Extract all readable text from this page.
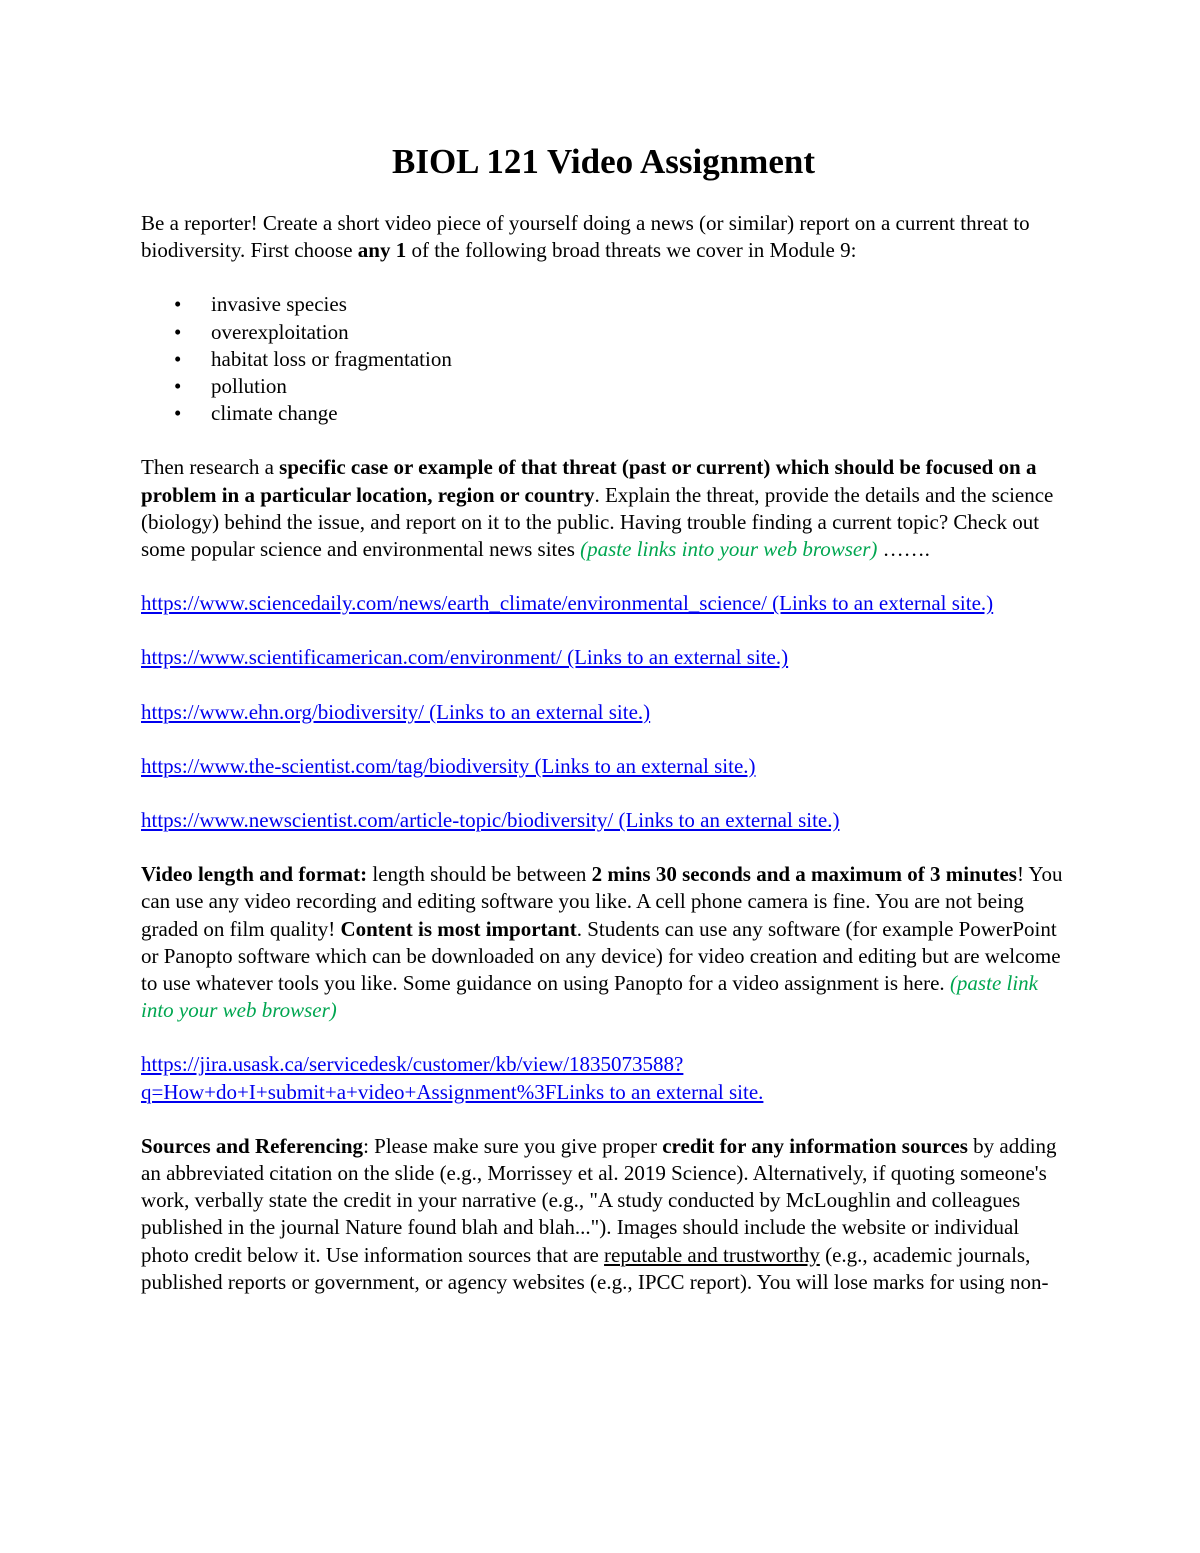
BIOL 121 Video Assignment

Be a reporter! Create a short video piece of yourself doing a news (or similar) report on a current threat to biodiversity. First choose any 1 of the following broad threats we cover in Module 9:

• invasive species
• overexploitation
• habitat loss or fragmentation
• pollution
• climate change

Then research a specific case or example of that threat (past or current) which should be focused on a problem in a particular location, region or country. Explain the threat, provide the details and the science (biology) behind the issue, and report on it to the public. Having trouble finding a current topic? Check out some popular science and environmental news sites (paste links into your web browser) …….

https://www.sciencedaily.com/news/earth_climate/environmental_science/ (Links to an external site.)

https://www.scientificamerican.com/environment/ (Links to an external site.)

https://www.ehn.org/biodiversity/ (Links to an external site.)

https://www.the-scientist.com/tag/biodiversity (Links to an external site.)

https://www.newscientist.com/article-topic/biodiversity/ (Links to an external site.)

Video length and format: length should be between 2 mins 30 seconds and a maximum of 3 minutes! You can use any video recording and editing software you like. A cell phone camera is fine. You are not being graded on film quality! Content is most important. Students can use any software (for example PowerPoint or Panopto software which can be downloaded on any device) for video creation and editing but are welcome to use whatever tools you like. Some guidance on using Panopto for a video assignment is here. (paste link into your web browser)

https://jira.usask.ca/servicedesk/customer/kb/view/1835073588?q=How+do+I+submit+a+video+Assignment%3FLinks to an external site.

Sources and Referencing: Please make sure you give proper credit for any information sources by adding an abbreviated citation on the slide (e.g., Morrissey et al. 2019 Science). Alternatively, if quoting someone's work, verbally state the credit in your narrative (e.g., "A study conducted by McLoughlin and colleagues published in the journal Nature found blah and blah..."). Images should include the website or individual photo credit below it. Use information sources that are reputable and trustworthy (e.g., academic journals, published reports or government, or agency websites (e.g., IPCC report). You will lose marks for using non-
